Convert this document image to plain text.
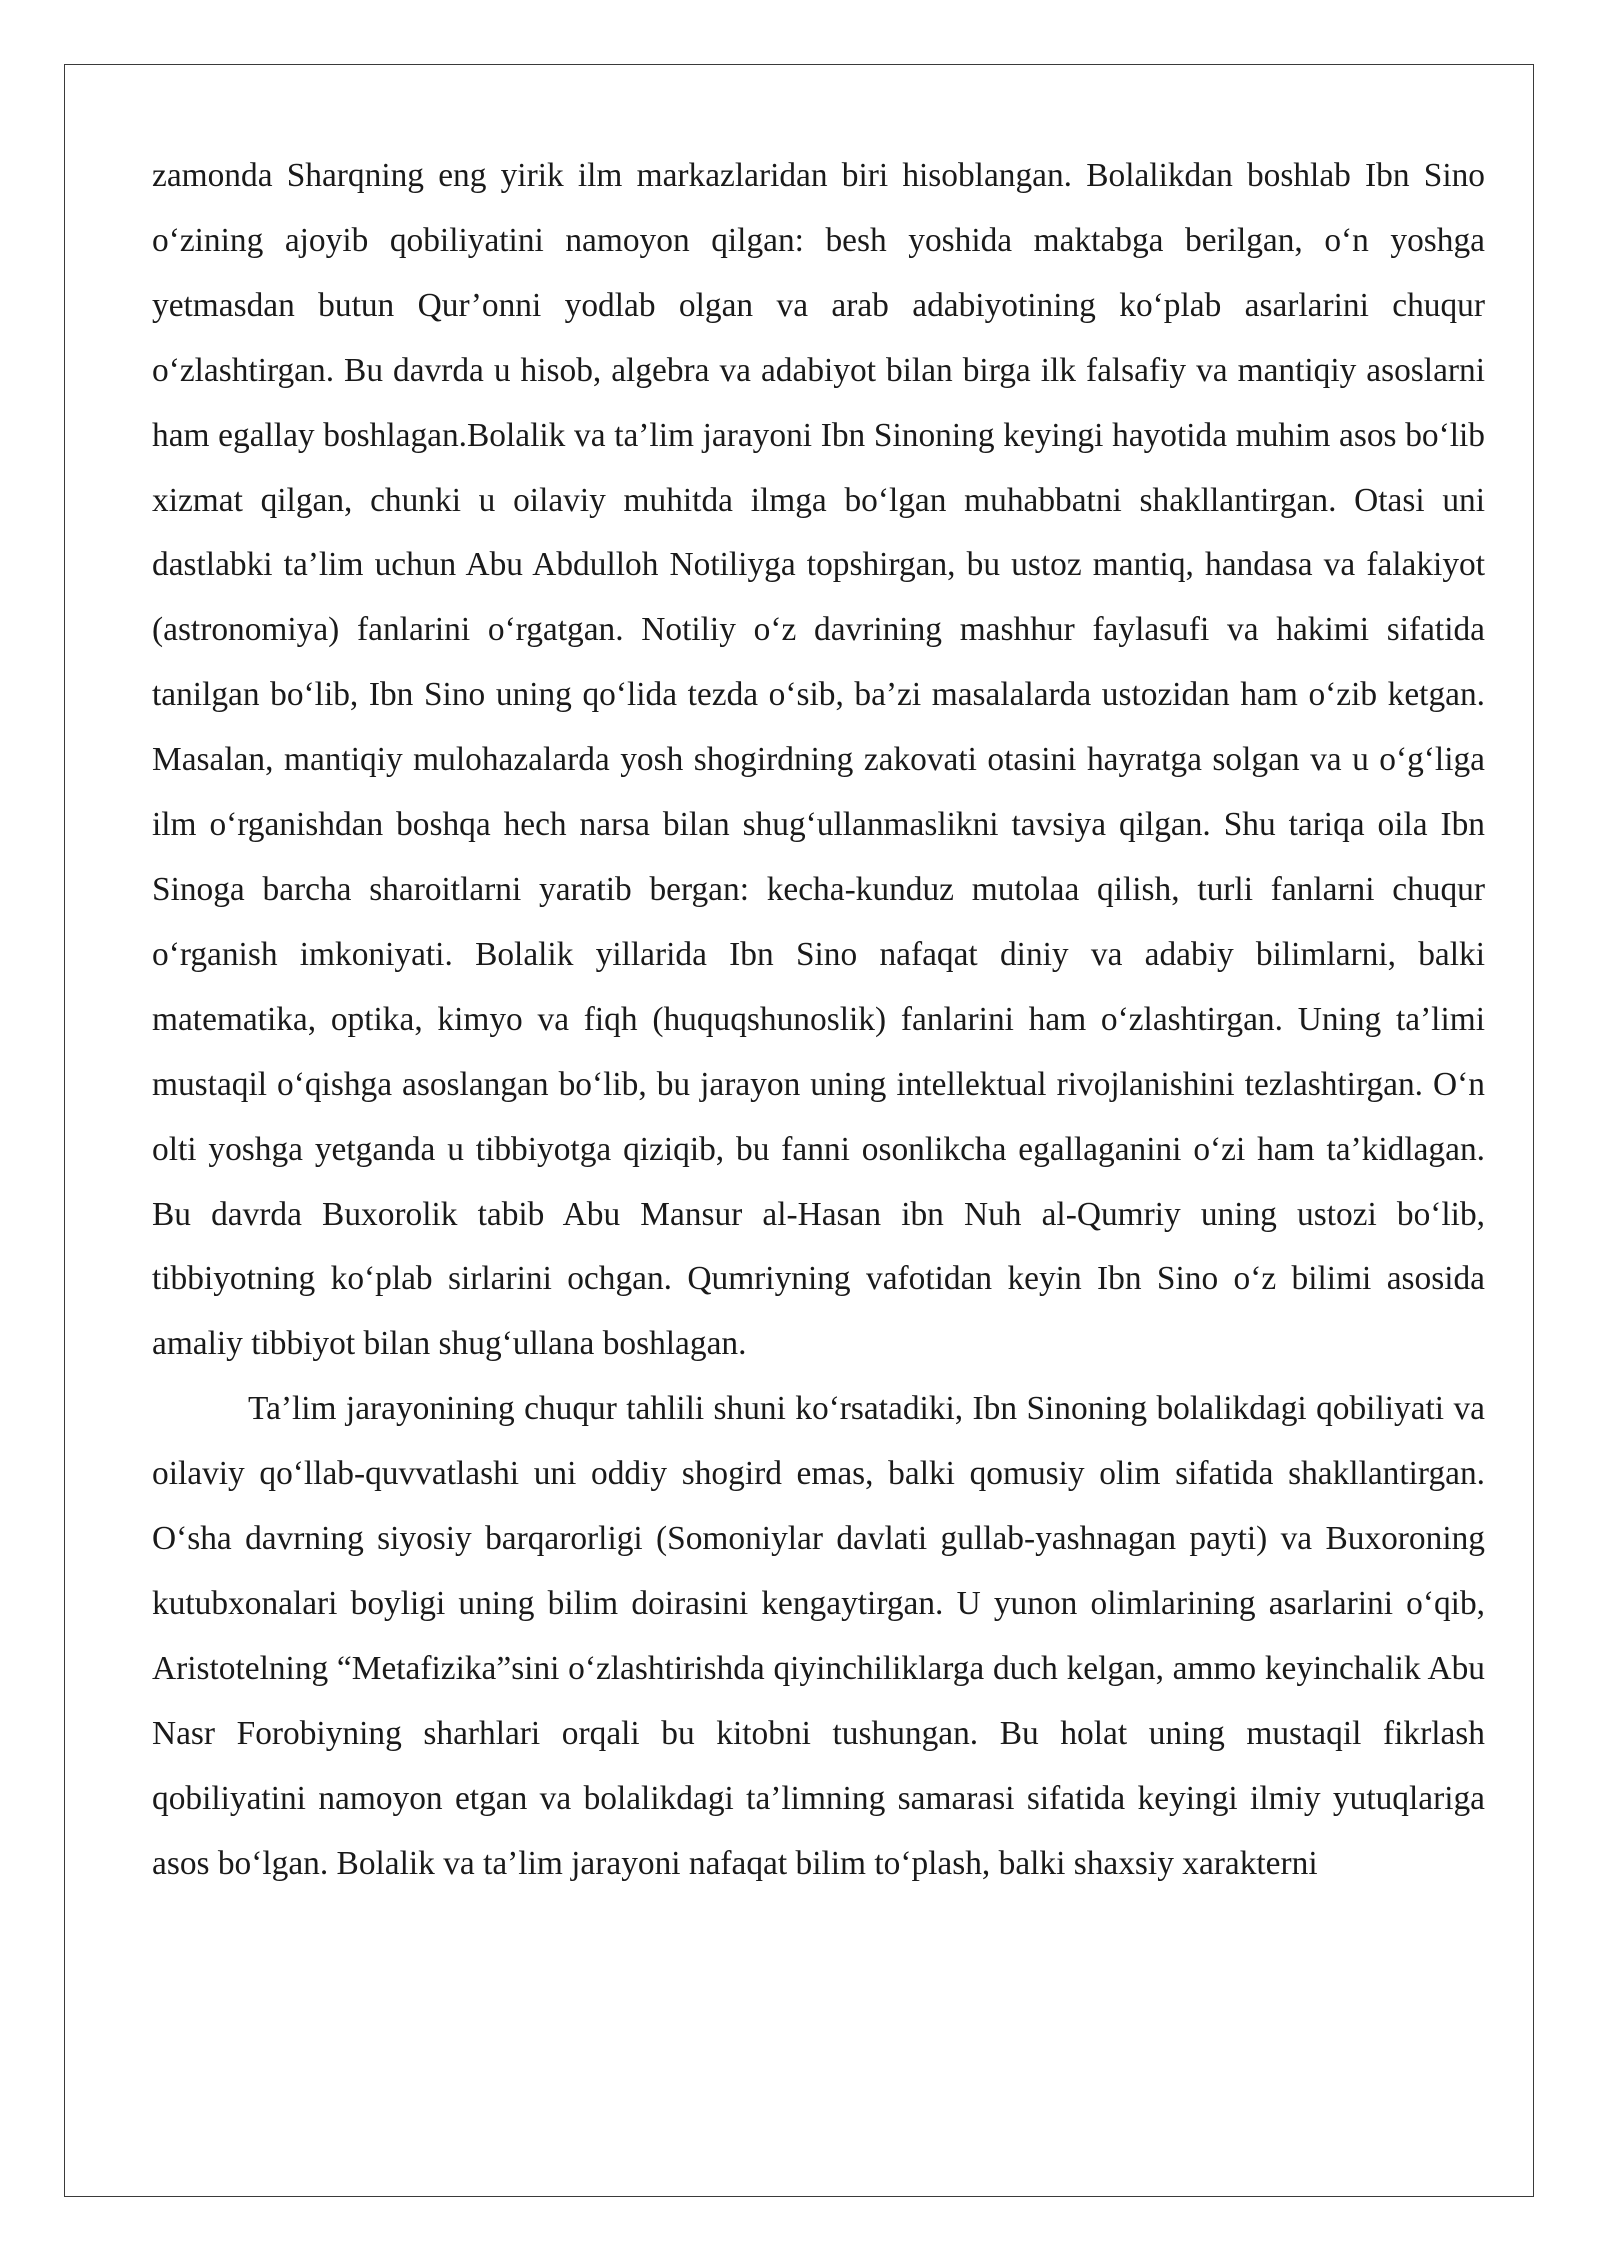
zamonda Sharqning eng yirik ilm markazlaridan biri hisoblangan. Bolalikdan boshlab Ibn Sino o‘zining ajoyib qobiliyatini namoyon qilgan: besh yoshida maktabga berilgan, o‘n yoshga yetmasdan butun Qur’onni yodlab olgan va arab adabiyotining ko‘plab asarlarini chuqur o‘zlashtirgan. Bu davrda u hisob, algebra va adabiyot bilan birga ilk falsafiy va mantiqiy asoslarni ham egallay boshlagan.Bolalik va ta’lim jarayoni Ibn Sinoning keyingi hayotida muhim asos bo‘lib xizmat qilgan, chunki u oilaviy muhitda ilmga bo‘lgan muhabbatni shakllantirgan. Otasi uni dastlabki ta’lim uchun Abu Abdulloh Notiliyga topshirgan, bu ustoz mantiq, handasa va falakiyot (astronomiya) fanlarini o‘rgatgan. Notiliy o‘z davrining mashhur faylasufi va hakimi sifatida tanilgan bo‘lib, Ibn Sino uning qo‘lida tezda o‘sib, ba’zi masalalarda ustozidan ham o‘zib ketgan. Masalan, mantiqiy mulohazalarda yosh shogirdning zakovati otasini hayratga solgan va u o‘g‘liga ilm o‘rganishdan boshqa hech narsa bilan shug‘ullanmaslikni tavsiya qilgan. Shu tariqa oila Ibn Sinoga barcha sharoitlarni yaratib bergan: kecha-kunduz mutolaa qilish, turli fanlarni chuqur o‘rganish imkoniyati. Bolalik yillarida Ibn Sino nafaqat diniy va adabiy bilimlarni, balki matematika, optika, kimyo va fiqh (huquqshunoslik) fanlarini ham o‘zlashtirgan. Uning ta’limi mustaqil o‘qishga asoslangan bo‘lib, bu jarayon uning intellektual rivojlanishini tezlashtirgan. O‘n olti yoshga yetganda u tibbiyotga qiziqib, bu fanni osonlikcha egallaganini o‘zi ham ta’kidlagan. Bu davrda Buxorolik tabib Abu Mansur al-Hasan ibn Nuh al-Qumriy uning ustozi bo‘lib, tibbiyotning ko‘plab sirlarini ochgan. Qumriyning vafotidan keyin Ibn Sino o‘z bilimi asosida amaliy tibbiyot bilan shug‘ullana boshlagan.

Ta’lim jarayonining chuqur tahlili shuni ko‘rsatadiki, Ibn Sinoning bolalikdagi qobiliyati va oilaviy qo‘llab-quvvatlashi uni oddiy shogird emas, balki qomusiy olim sifatida shakllantirgan. O‘sha davrning siyosiy barqarorligi (Somoniylar davlati gullab-yashnagan payti) va Buxoroning kutubxonalari boyligi uning bilim doirasini kengaytirgan. U yunon olimlarining asarlarini o‘qib, Aristotelning “Metafizika”sini o‘zlashtirishda qiyinchiliklarga duch kelgan, ammo keyinchalik Abu Nasr Forobiyning sharhlari orqali bu kitobni tushungan. Bu holat uning mustaqil fikrlash qobiliyatini namoyon etgan va bolalikdagi ta’limning samarasi sifatida keyingi ilmiy yutuqlariga asos bo‘lgan. Bolalik va ta’lim jarayoni nafaqat bilim to‘plash, balki shaxsiy xarakterni
